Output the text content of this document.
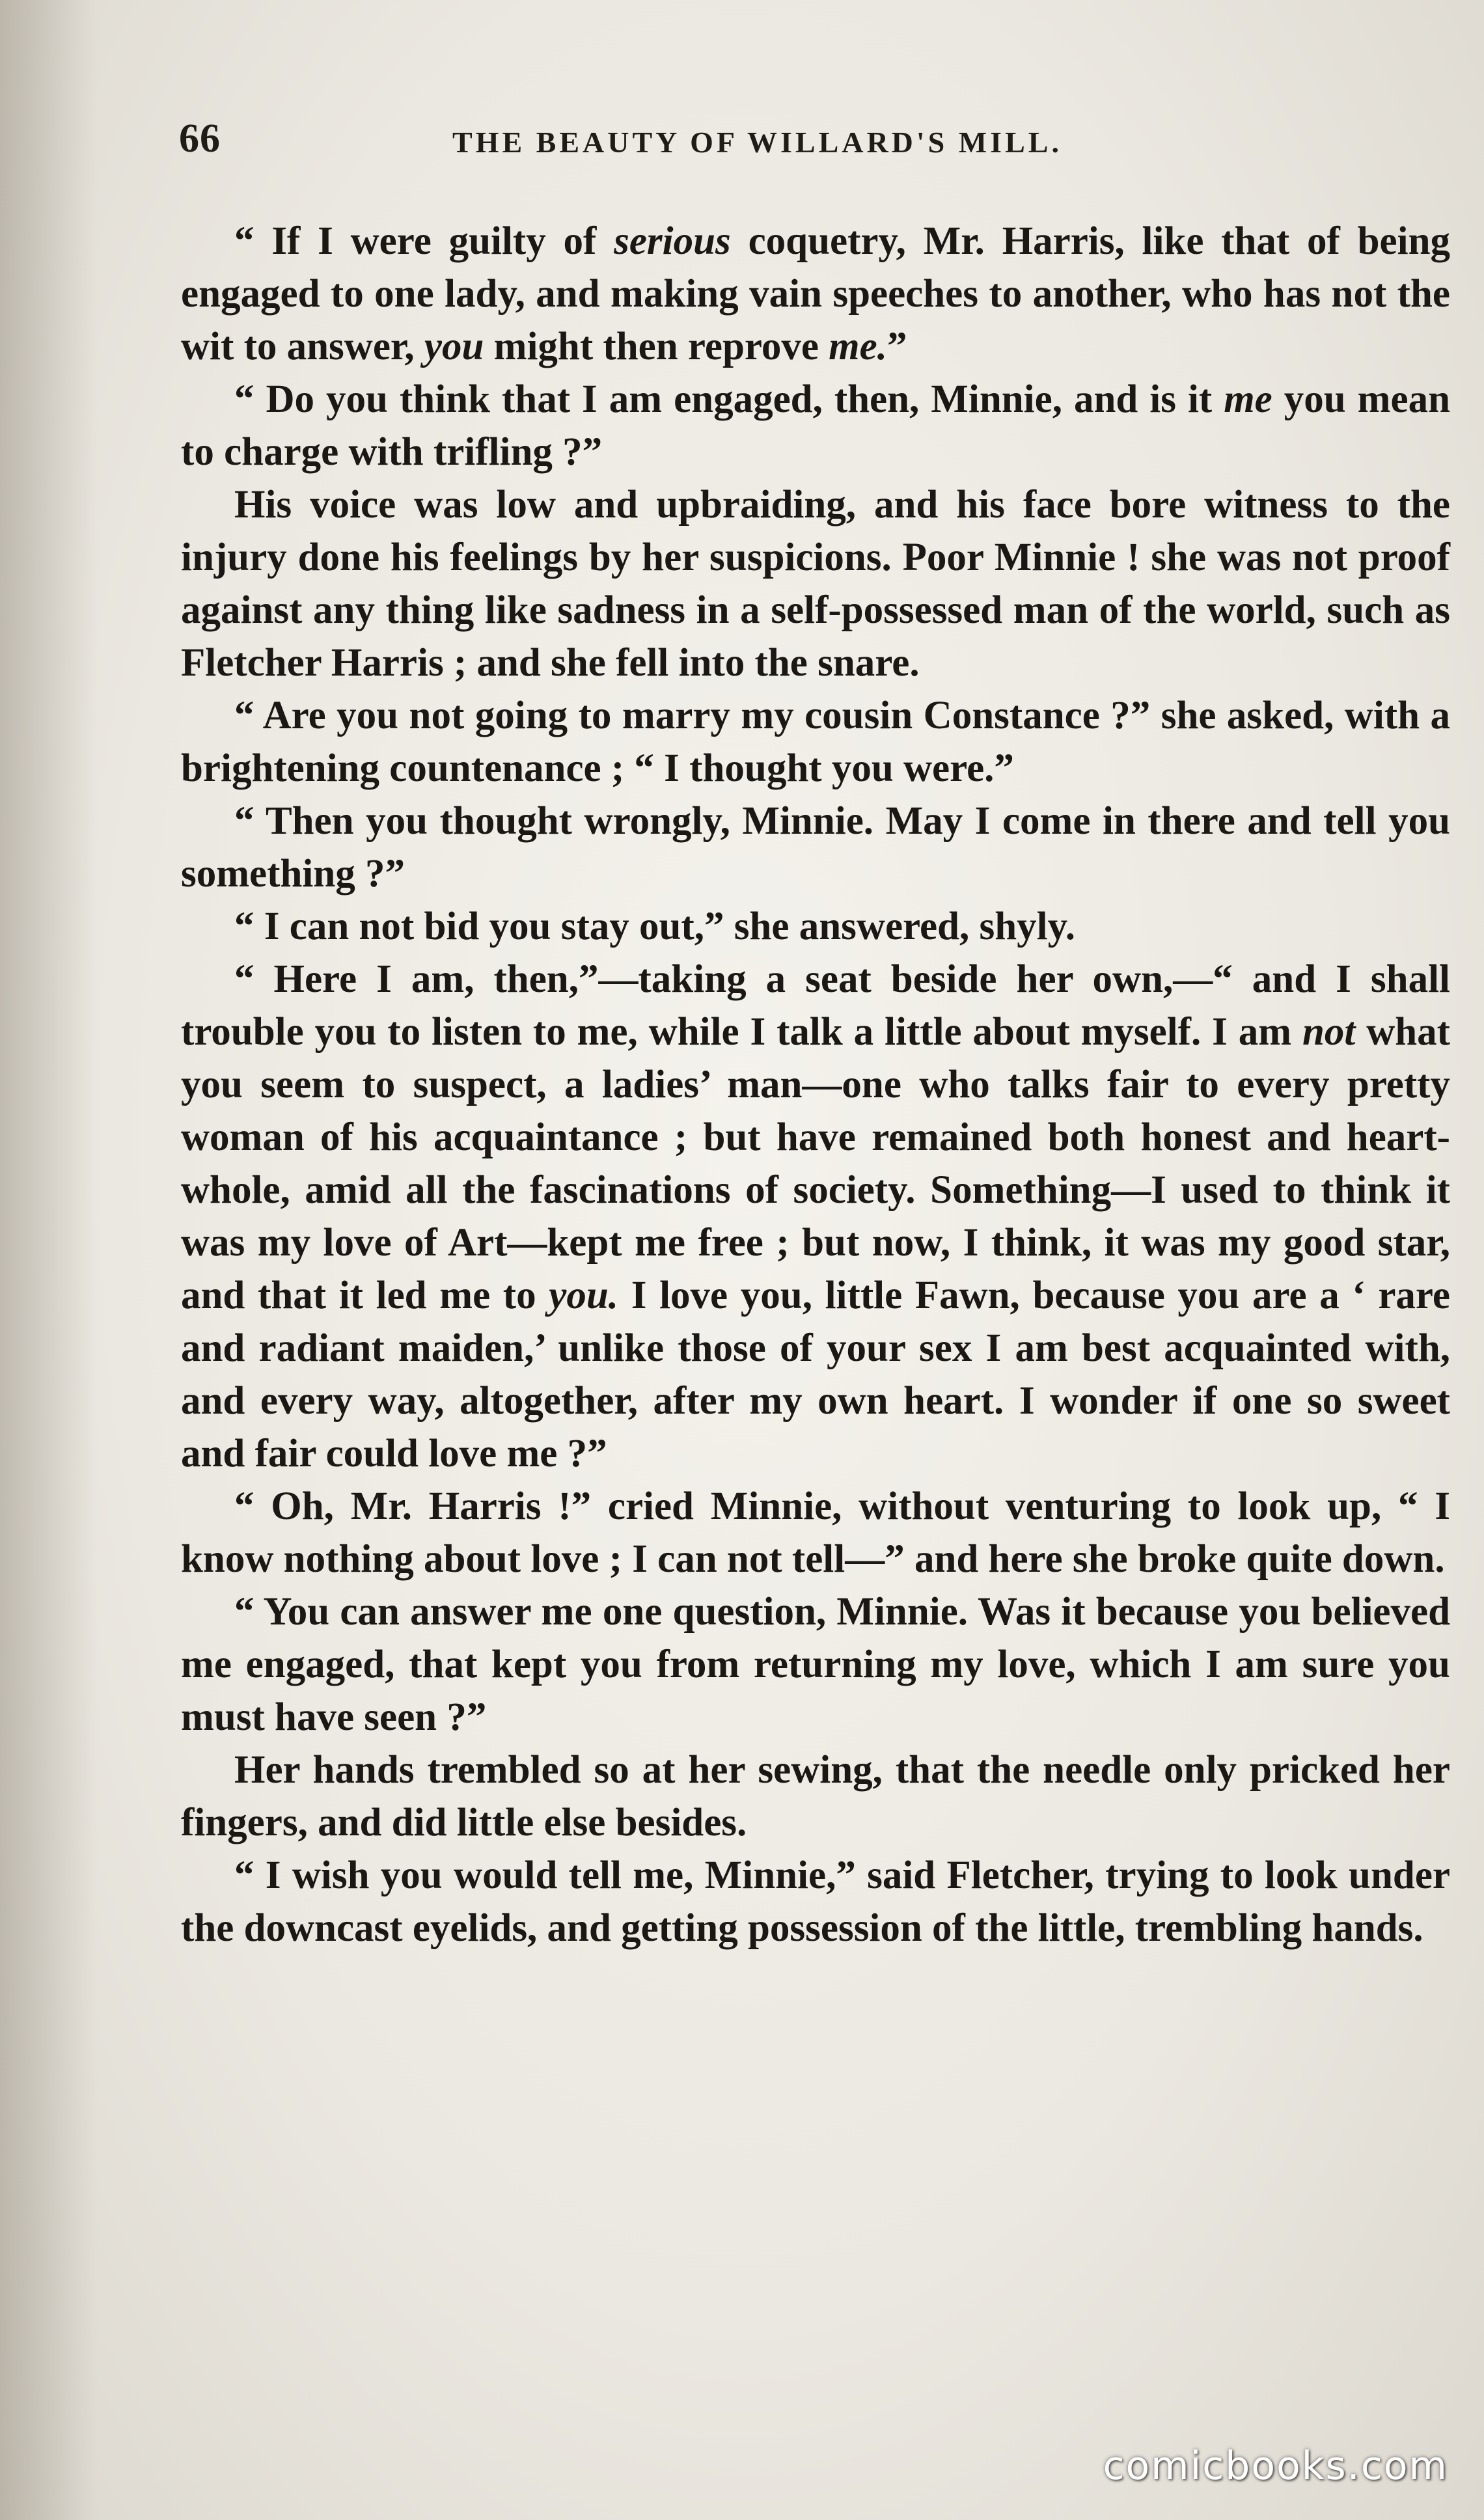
66	THE BEAUTY OF WILLARD'S MILL.

“ If I were guilty of serious coquetry, Mr. Harris, like that of being engaged to one lady, and making vain speeches to another, who has not the wit to answer, you might then reprove me.”

“ Do you think that I am engaged, then, Minnie, and is it me you mean to charge with trifling ?”

His voice was low and upbraiding, and his face bore witness to the injury done his feelings by her suspicions. Poor Minnie ! she was not proof against any thing like sadness in a self-possessed man of the world, such as Fletcher Harris ; and she fell into the snare.

“ Are you not going to marry my cousin Constance ?” she asked, with a brightening countenance ; “ I thought you were.”

“ Then you thought wrongly, Minnie. May I come in there and tell you something ?”

“ I can not bid you stay out,” she answered, shyly.

“ Here I am, then,”—taking a seat beside her own,—“ and I shall trouble you to listen to me, while I talk a little about myself. I am not what you seem to suspect, a ladies’ man—one who talks fair to every pretty woman of his acquaintance ; but have remained both honest and heart-whole, amid all the fascinations of society. Something—I used to think it was my love of Art—kept me free ; but now, I think, it was my good star, and that it led me to you. I love you, little Fawn, because you are a ‘ rare and radiant maiden,’ unlike those of your sex I am best acquainted with, and every way, altogether, after my own heart. I wonder if one so sweet and fair could love me ?”

“ Oh, Mr. Harris !” cried Minnie, without venturing to look up, “ I know nothing about love ; I can not tell—” and here she broke quite down.

“ You can answer me one question, Minnie. Was it because you believed me engaged, that kept you from returning my love, which I am sure you must have seen ?”

Her hands trembled so at her sewing, that the needle only pricked her fingers, and did little else besides.

“ I wish you would tell me, Minnie,” said Fletcher, trying to look under the downcast eyelids, and getting possession of the little, trembling hands.

comicbooks.com
